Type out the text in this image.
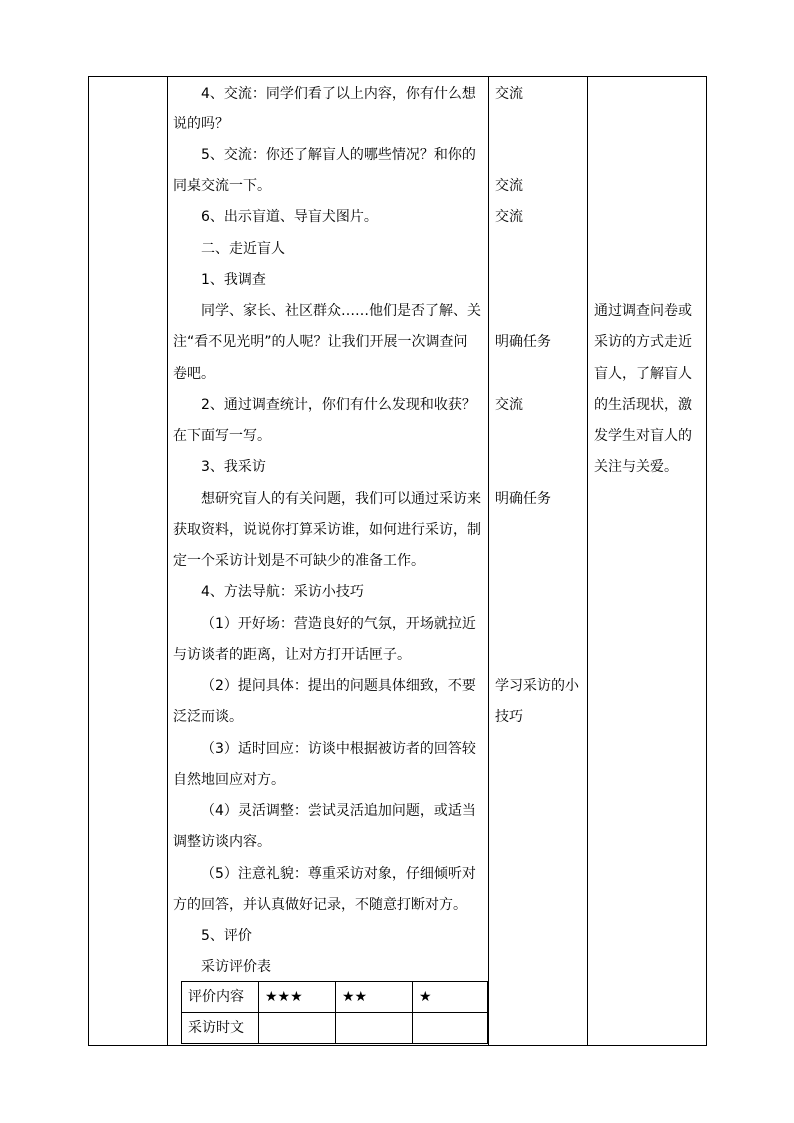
4、交流：同学们看了以上内容，你有什么想
说的吗？
5、交流：你还了解盲人的哪些情况？和你的
同桌交流一下。
6、出示盲道、导盲犬图片。
二、走近盲人
1、我调查
同学、家长、社区群众……他们是否了解、关
注“看不见光明”的人呢？让我们开展一次调查问
卷吧。
2、通过调查统计，你们有什么发现和收获？
在下面写一写。
3、我采访
想研究盲人的有关问题，我们可以通过采访来
获取资料，说说你打算采访谁，如何进行采访，制
定一个采访计划是不可缺少的准备工作。
4、方法导航：采访小技巧
（1）开好场：营造良好的气氛，开场就拉近
与访谈者的距离，让对方打开话匣子。
（2）提问具体：提出的问题具体细致，不要
泛泛而谈。
（3）适时回应：访谈中根据被访者的回答较
自然地回应对方。
（4）灵活调整：尝试灵活追加问题，或适当
调整访谈内容。
（5）注意礼貌：尊重采访对象，仔细倾听对
方的回答，并认真做好记录，不随意打断对方。
5、评价
采访评价表
交流
交流
交流
明确任务
交流
明确任务
学习采访的小
技巧
通过调查问卷或
采访的方式走近
盲人，了解盲人
的生活现状，激
发学生对盲人的
关注与关爱。
评价内容	★★★	★★	★
采访时文			
